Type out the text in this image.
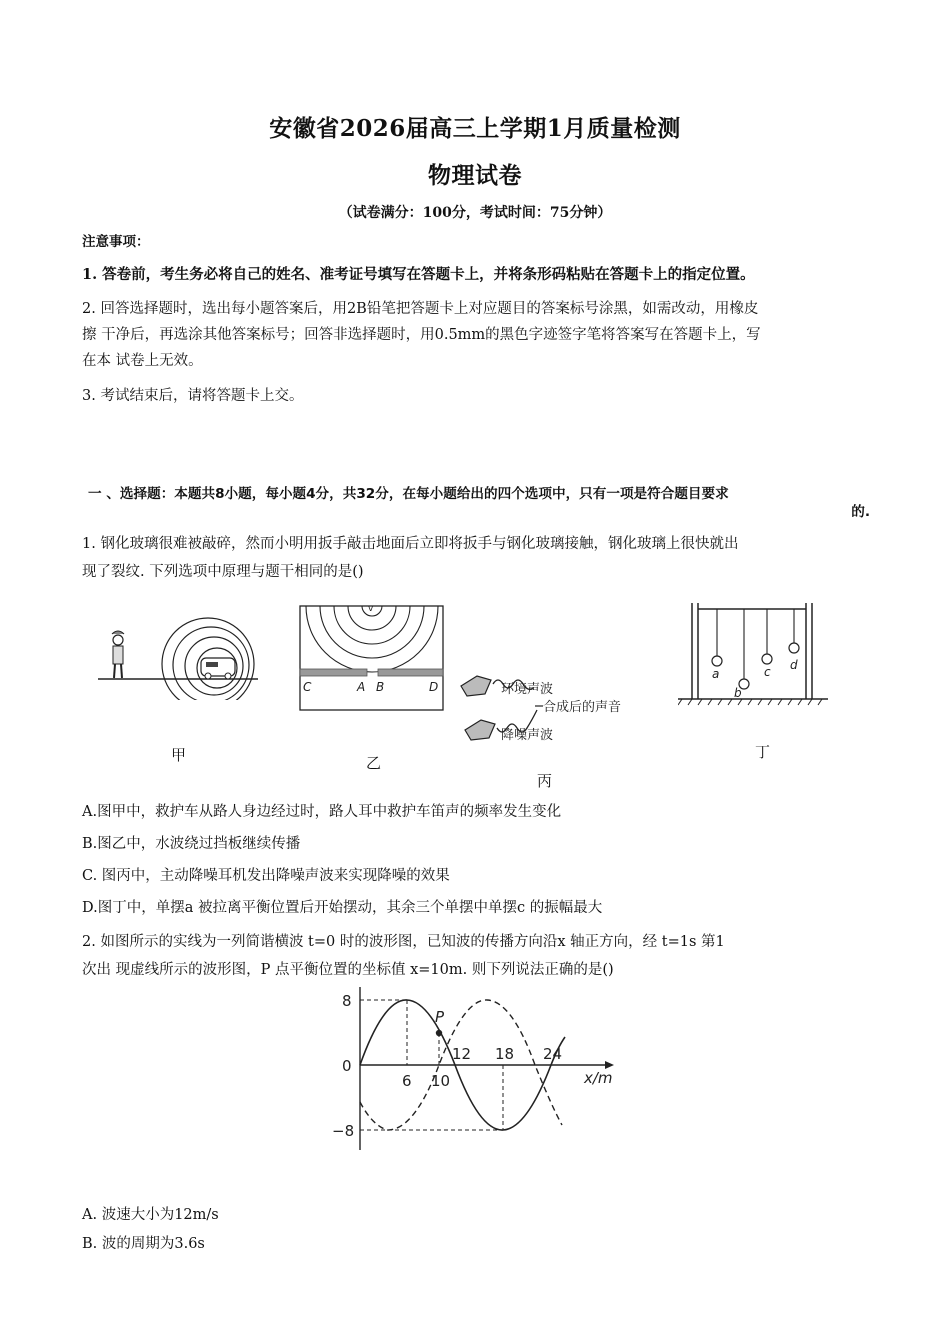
安徽省2026届高三上学期1月质量检测
物理试卷
（试卷满分：100分，考试时间：75分钟）
注意事项：
1. 答卷前，考生务必将自己的姓名、准考证号填写在答题卡上，并将条形码粘贴在答题卡上的指定位置。
2. 回答选择题时，选出每小题答案后，用2B铅笔把答题卡上对应题目的答案标号涂黑，如需改动，用橡皮
擦 干净后，再选涂其他答案标号；回答非选择题时，用0.5mm的黑色字迹签字笔将答案写在答题卡上，写
在本 试卷上无效。
3. 考试结束后，请将答题卡上交。
一 、选择题：本题共8小题，每小题4分，共32分，在每小题给出的四个选项中，只有一项是符合题目要求
的.
1. 钢化玻璃很难被敲碎，然而小明用扳手敲击地面后立即将扳手与钢化玻璃接触，钢化玻璃上很快就出
现了裂纹. 下列选项中原理与题干相同的是()
甲
v
C	A B	D
乙
环境声波
合成后的声音
降噪声波
丙
a
b
c d
丁
A.图甲中，救护车从路人身边经过时，路人耳中救护车笛声的频率发生变化
B.图乙中，水波绕过挡板继续传播
C. 图丙中，主动降噪耳机发出降噪声波来实现降噪的效果
D.图丁中，单摆a 被拉离平衡位置后开始摆动，其余三个单摆中单摆c 的振幅最大
2. 如图所示的实线为一列简谐横波 t=0 时的波形图，已知波的传播方向沿x 轴正方向，经 t=1s 第1
次出 现虚线所示的波形图，P 点平衡位置的坐标值 x=10m. 则下列说法正确的是()
P
8
0
−8
6 10
12 18 24
x/m
A. 波速大小为12m/s
B. 波的周期为3.6s
